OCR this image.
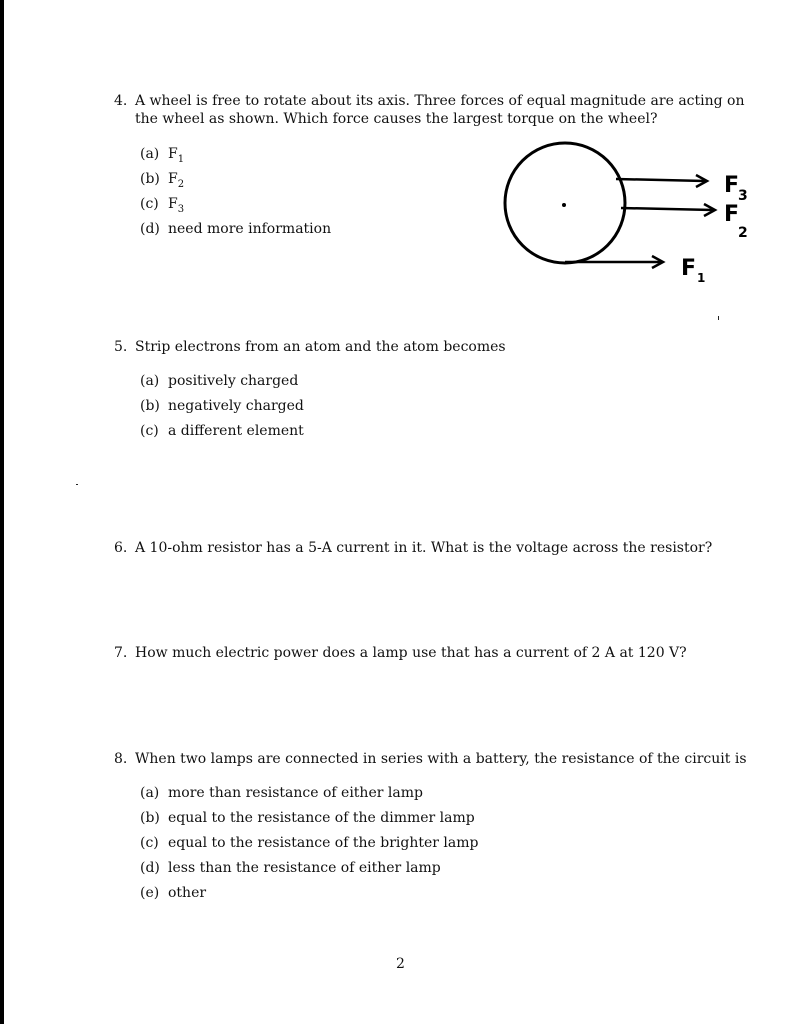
4. A wheel is free to rotate about its axis. Three forces of equal magnitude are acting on
the wheel as shown. Which force causes the largest torque on the wheel?
(a) $F_1$
(b) $F_2$
(c) $F_3$
(d) need more information
F
3
F
2
F 1
5. Strip electrons from an atom and the atom becomes
(a) positively charged
(b) negatively charged
(c) a different element
6. A 10-ohm resistor has a 5-A current in it. What is the voltage across the resistor?
7. How much electric power does a lamp use that has a current of 2 A at 120 V?
8. When two lamps are connected in series with a battery, the resistance of the circuit is
(a) more than resistance of either lamp
(b) equal to the resistance of the dimmer lamp
(c) equal to the resistance of the brighter lamp
(d) less than the resistance of either lamp
(e) other
2
